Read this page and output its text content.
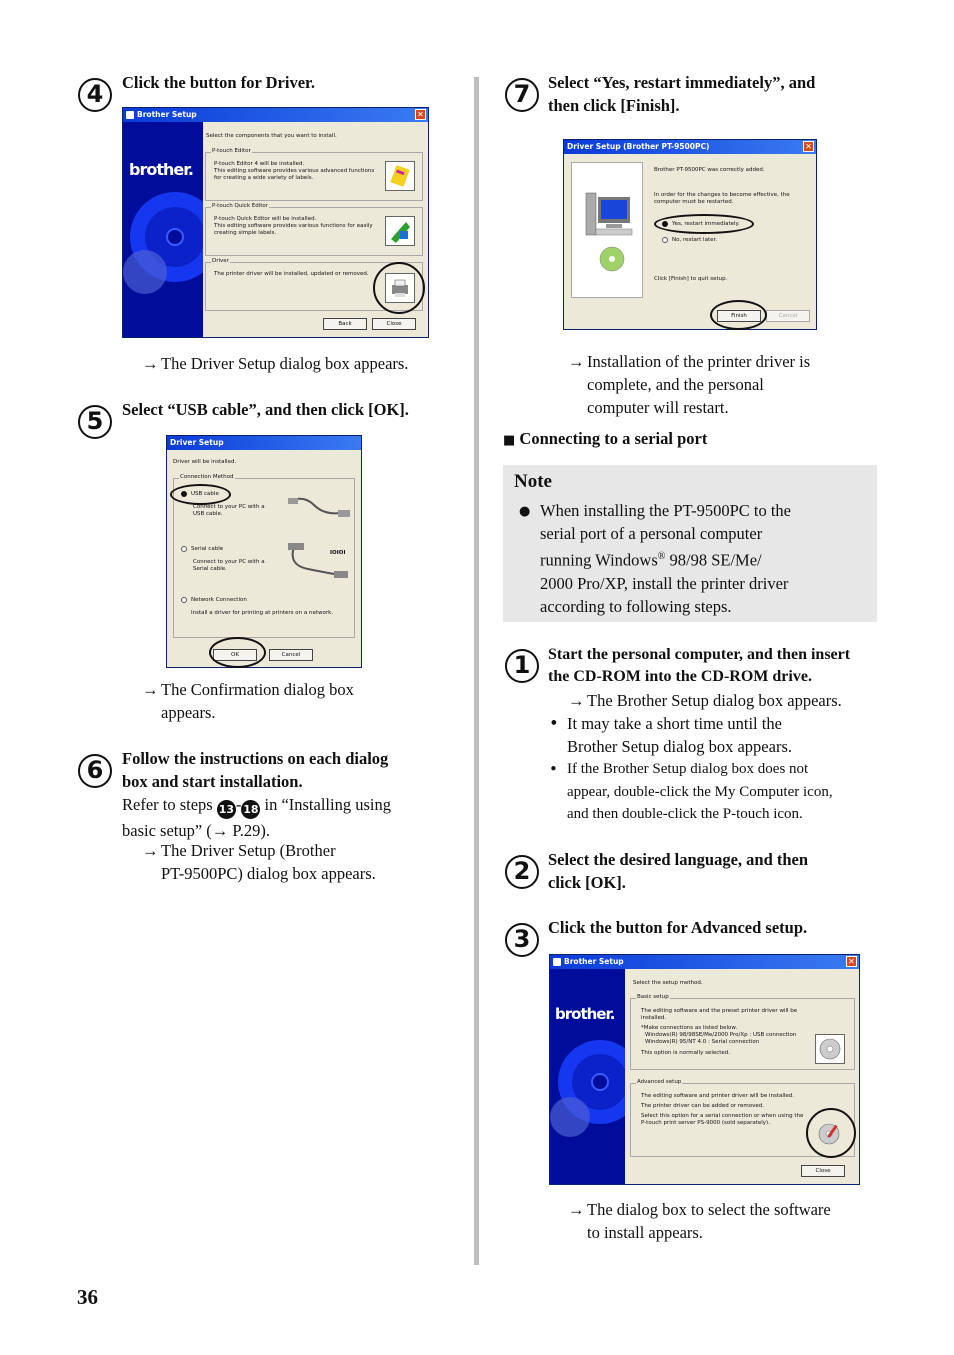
4	Click the button for Driver.
Brother Setup	✕
brother.
Select the components that you want to install.
P-touch Editor
P-touch Editor 4 will be installed.
This editing software provides various advanced functions
for creating a wide variety of labels.
P-touch Quick Editor
P-touch Quick Editor will be installed.
This editing software provides various functions for easily
creating simple labels.
Driver
The printer driver will be installed, updated or removed.
Back	Close
→ The Driver Setup dialog box appears.
5	Select “USB cable”, and then click [OK].
Driver Setup
Driver will be installed.
Connection Method
USB cable
Connect to your PC with a
USB cable.
Serial cable
Connect to your PC with a
Serial cable.
IOIOI
Network Connection
Install a driver for printing at printers on a network.
OK	Cancel
→ The Confirmation dialog box
appears.
6	Follow the instructions on each dialog
box and start installation.
Refer to steps 13 - 18 in “Installing using
basic setup” (→ P.29).
→ The Driver Setup (Brother
PT-9500PC) dialog box appears.
36
7	Select “Yes, restart immediately”, and
then click [Finish].
Driver Setup (Brother PT-9500PC)	✕
Brother PT-9500PC was correctly added.
In order for the changes to become effective, the
computer must be restarted.
Yes, restart immediately.
No, restart later.
Click [Finish] to quit setup.
Finish	Cancel
→ Installation of the printer driver is
complete, and the personal
computer will restart.
■ Connecting to a serial port
Note
● When installing the PT-9500PC to the
serial port of a personal computer
running Windows® 98/98 SE/Me/
2000 Pro/XP, install the printer driver
according to following steps.
1	Start the personal computer, and then insert
the CD-ROM into the CD-ROM drive.
→ The Brother Setup dialog box appears.
• It may take a short time until the
Brother Setup dialog box appears.
• If the Brother Setup dialog box does not
appear, double-click the My Computer icon,
and then double-click the P-touch icon.
2	Select the desired language, and then
click [OK].
3	Click the button for Advanced setup.
Brother Setup	✕
brother.
Select the setup method.
Basic setup
The editing software and the preset printer driver will be
installed.
*Make connections as listed below.
Windows(R) 98/98SE/Me/2000 Pro/Xp : USB connection
Windows(R) 95/NT 4.0 : Serial connection
This option is normally selected.
Advanced setup
The editing software and printer driver will be installed.
The printer driver can be added or removed.
Select this option for a serial connection or when using the
P-touch print server PS-9000 (sold separately).
Close
→ The dialog box to select the software
to install appears.
